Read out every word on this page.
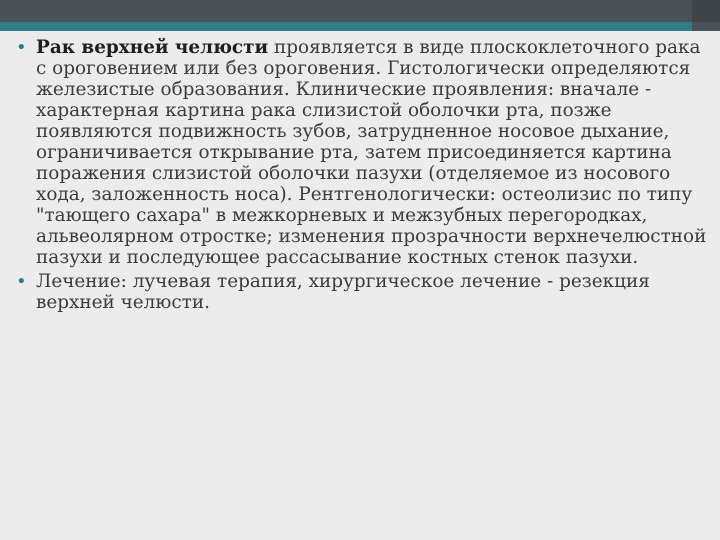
• Рак верхней челюсти проявляется в виде плоскоклеточного рака с ороговением или без ороговения. Гистологически определяются железистые образования. Клинические проявления: вначале - характерная картина рака слизистой оболочки рта, позже появляются подвижность зубов, затрудненное носовое дыхание, ограничивается открывание рта, затем присоединяется картина поражения слизистой оболочки пазухи (отделяемое из носового хода, заложенность носа). Рентгенологически: остеолизис по типу "тающего сахара" в межкорневых и межзубных перегородках, альвеолярном отростке; изменения прозрачности верхнечелюстной пазухи и последующее рассасывание костных стенок пазухи.
• Лечение: лучевая терапия, хирургическое лечение - резекция верхней челюсти.
